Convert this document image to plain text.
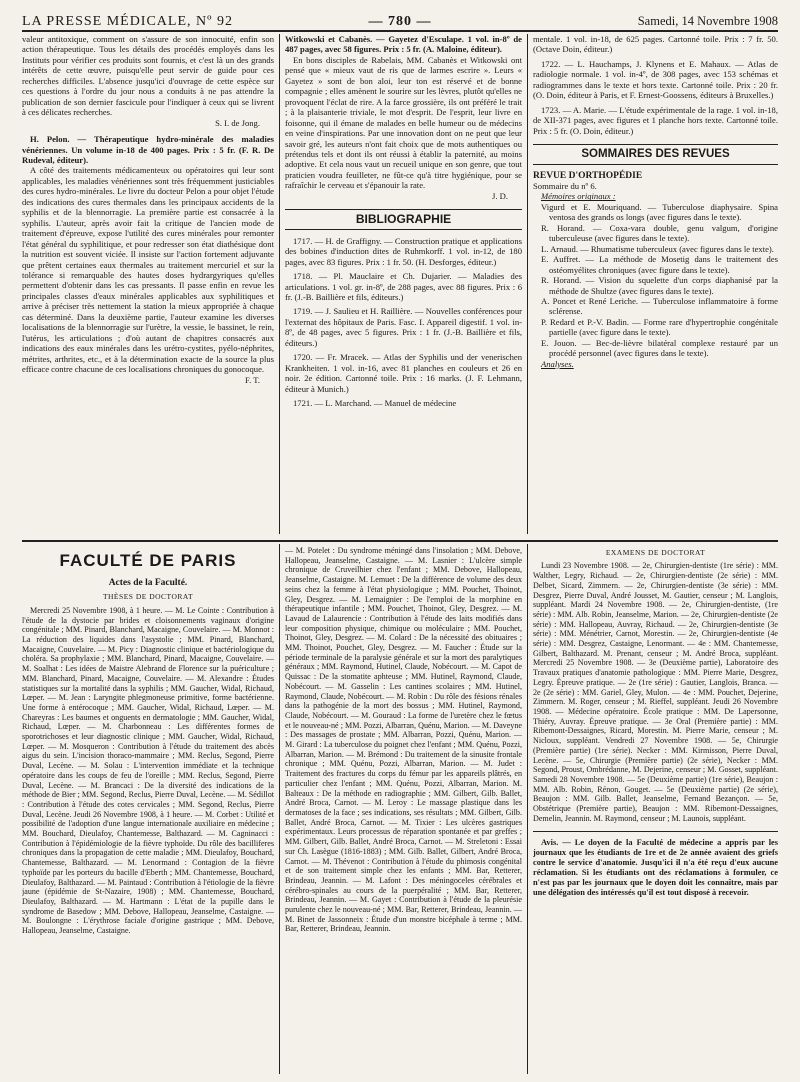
LA PRESSE MÉDICALE, Nº 92	— 780 —	Samedi, 14 Novembre 1908

valeur antitoxique, comment on s'assure de son innocuité, enfin son action thérapeutique. Tous les détails des procédés employés dans les Instituts pour vérifier ces produits sont fournis, et c'est là un des grands intérêts de cette œuvre, puisqu'elle peut servir de guide pour ces recherches difficiles. L'absence jusqu'ici d'ouvrage de cette espèce sur ces questions à l'ordre du jour nous a conduits à ne pas attendre la publication de son dernier fascicule pour l'indiquer à ceux qui se livrent à ces délicates recherches.

S. I. de Jong.

H. Pelon. — Thérapeutique hydro-minérale des maladies vénériennes. Un volume in-18 de 400 pages. Prix : 5 fr. (F. R. De Rudeval, éditeur).

A côté des traitements médicamenteux ou opératoires qui leur sont applicables, les maladies vénériennes sont très fréquemment justiciables des cures hydro-minérales. Le livre du docteur Pelon a pour objet l'étude des indications des cures thermales dans les principaux accidents de la syphilis et de la blennorragie. La première partie est consacrée à la syphilis. L'auteur, après avoir fait la critique de l'ancien mode de traitement d'épreuve, expose l'utilité des cures minérales pour remonter l'état général du syphilitique, et pour redresser son état diathésique dont la nutrition est souvent viciée. Il insiste sur l'action fortement adjuvante que prêtent certaines eaux thermales au traitement mercuriel et sur la tolérance si remarquable des hautes doses hydrargyriques qu'elles permettent d'obtenir dans les cas pressants. Il passe enfin en revue les principales classes d'eaux minérales applicables aux syphilitiques et arrive à préciser très nettement la station la mieux appropriée à chaque cas déterminé. Dans la deuxième partie, l'auteur examine les diverses localisations de la blennorragie sur l'urètre, la vessie, le bassinet, le rein, l'utérus, les articulations ; d'où autant de chapitres consacrés aux indications des eaux minérales dans les urétro-cystites, pyélo-néphrites, métrites, arthrites, etc., et à la détermination exacte de la source la plus efficace contre chacune de ces localisations chroniques du gonocoque.

F. T.

Witkowski et Cabanès. — Gayetez d'Esculape. 1 vol. in-8º de 487 pages, avec 58 figures. Prix : 5 fr. (A. Maloine, éditeur).

En bons disciples de Rabelais, MM. Cabanès et Witkowski ont pensé que « mieux vaut de ris que de larmes escrire ». Leurs « Gayetez » sont de bon aloi, leur ton est réservé et de bonne compagnie ; elles amènent le sourire sur les lèvres, plutôt qu'elles ne provoquent l'éclat de rire. A la farce grossière, ils ont préféré le trait ; à la plaisanterie triviale, le mot d'esprit. De l'esprit, leur livre en foisonne, qui il émane de malades en belle humeur ou de médecins en veine d'inspirations. Par une innovation dont on ne peut que leur savoir gré, les auteurs n'ont fait choix que de mots authentiques ou prétendus tels et dont ils ont réussi à établir la paternité, au moins adoptive. Et cela nous vaut un recueil unique en son genre, que tout praticien voudra feuilleter, ne fût-ce qu'à titre hygiénique, pour se rafraîchir le cerveau et s'épanouir la rate.

J. D.
BIBLIOGRAPHIE

1717. — H. de Graffigny. — Construction pratique et applications des bobines d'induction dites de Ruhmkorff. 1 vol. in-12, de 180 pages, avec 83 figures. Prix : 1 fr. 50. (H. Desforges, éditeur.)

1718. — Pl. Mauclaire et Ch. Dujarier. — Maladies des articulations. 1 vol. gr. in-8º, de 288 pages, avec 88 figures. Prix : 6 fr. (J.-B. Baillière et fils, éditeurs.)

1719. — J. Saulieu et H. Raillière. — Nouvelles conférences pour l'externat des hôpitaux de Paris. Fasc. I. Appareil digestif. 1 vol. in-8º, de 48 pages, avec 5 figures. Prix : 1 fr. (J.-B. Baillière et fils, éditeurs.)

1720. — Fr. Mracek. — Atlas der Syphilis und der venerischen Krankheiten. 1 vol. in-16, avec 81 planches en couleurs et 26 en noir. 2e édition. Cartonné toile. Prix : 16 marks. (J. F. Lehmann, éditeur à Munich.)

1721. — L. Marchand. — Manuel de médecine

mentale. 1 vol. in-18, de 625 pages. Cartonné toile. Prix : 7 fr. 50. (Octave Doin, éditeur.)

1722. — L. Hauchamps, J. Klynens et E. Mahaux. — Atlas de radiologie normale. 1 vol. in-4º, de 308 pages, avec 153 schémas et radiogrammes dans le texte et hors texte. Cartonné toile. Prix : 20 fr. (O. Doin, éditeur à Paris, et F. Ernest-Goossens, éditeurs à Bruxelles.)

1723. — A. Marie. — L'étude expérimentale de la rage. 1 vol. in-18, de XII-371 pages, avec figures et 1 planche hors texte. Cartonné toile. Prix : 5 fr. (O. Doin, éditeur.)

SOMMAIRES DES REVUES
REVUE D'ORTHOPÉDIE
Sommaire du nº 6.
Mémoires originaux :

Vigurd et E. Mouriquand. — Tuberculose diaphysaire. Spina ventosa des grands os longs (avec figures dans le texte).

R. Horand. — Coxa-vara double, genu valgum, d'origine tuberculeuse (avec figures dans le texte).

L. Arnaud. — Rhumatisme tuberculeux (avec figures dans le texte).

E. Auffret. — La méthode de Mosetig dans le traitement des ostéomyélites chroniques (avec figure dans le texte).

R. Horand. — Vision du squelette d'un corps diaphanisé par la méthode de Shultze (avec figures dans le texte).

A. Poncet et René Leriche. — Tuberculose inflammatoire à forme sclérense.

P. Redard et P.-V. Badin. — Forme rare d'hypertrophie congénitale partielle (avec figure dans le texte).

E. Jouon. — Bec-de-lièvre bilatéral complexe restauré par un procédé personnel (avec figures dans le texte).

Analyses.
FACULTÉ DE PARIS
Actes de la Faculté.
THÈSES DE DOCTORAT

Mercredi 25 Novembre 1908, à 1 heure. — M. Le Cointe : Contribution à l'étude de la dystocie par brides et cloisonnements vaginaux d'origine congénitale ; MM. Pinard, Blanchard, Macaigne, Couvelaire. — M. Monnot : La réduction des liquides dans l'asystolie ; MM. Pinard, Blanchard, Macaigne, Couvelaire. — M. Picy : Diagnostic clinique et bactériologique du choléra. Sa prophylaxie ; MM. Blanchard, Pinard, Macaigne, Couvelaire. — M. Soalhat : Les idées de Maistre Alebrand de Florence sur la puériculture ; MM. Blanchard, Pinard, Macaigne, Couvelaire. — M. Alexandre : Études statistiques sur la mortalité dans la syphilis ; MM. Gaucher, Widal, Richaud, Lœper. — M. Jean : Laryngite phlegmoneuse primitive, forme bactérienne. Une forme à entérocoque ; MM. Gaucher, Widal, Richaud, Lœper. — M. Chareyras : Les baumes et onguents en dermatologie ; MM. Gaucher, Widal, Richaud, Lœper. — M. Charbonneau : Les différentes formes de sporotrichoses et leur diagnostic clinique ; MM. Gaucher, Widal, Richaud, Lœper. — M. Mosqueron : Contribution à l'étude du traitement des abcès aigus du sein. L'incision thoraco-mammaire ; MM. Reclus, Segond, Pierre Duval, Lecène. — M. Solau : L'intervention immédiate et la technique opératoire dans les coups de feu de l'oreille ; MM. Reclus, Segond, Pierre Duval, Lecène. — M. Brancaci : De la diversité des indications de la méthode de Bier ; MM. Segond, Reclus, Pierre Duval, Lecène. — M. Sédillot : Contribution à l'étude des cotes cervicales ; MM. Segond, Reclus, Pierre Duval, Lecène. Jeudi 26 Novembre 1908, à 1 heure. — M. Corbet : Utilité et possibilité de l'adoption d'une langue internationale auxiliaire en médecine ; MM. Bouchard, Dieulafoy, Chantemesse, Balthazard. — M. Cagninacci : Contribution à l'épidémiologie de la fièvre typhoïde. Du rôle des bacilliferes chroniques dans la propagation de cette maladie ; MM. Dieulafoy, Bouchard, Chantemesse, Balthazard. — M. Lenormand : Contagion de la fièvre typhoïde par les porteurs du bacille d'Eberth ; MM. Chantemesse, Bouchard, Dieulafoy, Balthazard. — M. Paintaud : Contribution à l'étiologie de la fièvre jaune (épidémie de St-Nazaire, 1908) ; MM. Chantemesse, Bouchard, Dieulafoy, Balthazard. — M. Hartmann : L'état de la pupille dans le syndrome de Basedow ; MM. Debove, Hallopeau, Jeanselme, Castaigne. — M. Boulongne : L'érythrose faciale d'origine gastrique ; MM. Debove, Hallopeau, Jeanselme, Castaigne.

— M. Potelet : Du syndrome méningé dans l'insolation ; MM. Debove, Hallopeau, Jeanselme, Castaigne. — M. Lasnier : L'ulcère simple chronique de Cruveilhier chez l'enfant ; MM. Debove, Hallopeau, Jeanselme, Castaigne. M. Lemuet : De la différence de volume des deux seins chez la femme à l'état physiologique ; MM. Pouchet, Thoinot, Gley, Desgrez. — M. Lemaignier : De l'emploi de la morphine en thérapeutique infantile ; MM. Pouchet, Thoinot, Gley, Desgrez. — M. Lavaud de Lalaurencie : Contribution à l'étude des laits modifiés dans leur composition physique, chimique ou moléculaire ; MM. Pouchet, Thoinot, Gley, Desgrez. — M. Colard : De la nécessité des obituaires ; MM. Thoinot, Pouchet, Gley, Desgrez. — M. Faucher : Étude sur la période terminale de la paralysie générale et sur la mort des paralytiques généraux ; MM. Raymond, Hutinel, Claude, Nobécourt. — M. Capot de Quissac : De la stomatite aphteuse ; MM. Hutinel, Raymond, Claude, Nobécourt. — M. Gasselin : Les cantines scolaires ; MM. Hutinel, Raymond, Claude, Nobécourt. — M. Robin : Du rôle des fésions rénales dans la pathogénie de la mort des bossus ; MM. Hutinel, Raymond, Claude, Nobécourt. — M. Gouraud : La forme de l'uretère chez le fœtus et le nouveau-né ; MM. Pozzi, Albarran, Quénu, Marion. — M. Daveyne : Des massages de prostate ; MM. Albarran, Pozzi, Quénu, Marion. — M. Girard : La tuberculose du poignet chez l'enfant ; MM. Quénu, Pozzi, Albarran, Marion. — M. Brémond : Du traitement de la sinusite frontale chronique ; MM. Quénu, Pozzi, Albarran, Marion. — M. Judet : Traitement des fractures du corps du fémur par les appareils plâtrés, en particulier chez l'enfant ; MM. Quénu, Pozzi, Albarran, Marion. M. Balteaux : De la méthode en radiographie ; MM. Gilbert, Gilb. Ballet, André Broca, Carnot. — M. Leroy : Le massage plastique dans les dermatoses de la face ; ses indications, ses résultats ; MM. Gilbert, Gilb. Ballet, André Broca, Carnot. — M. Tixier : Les ulcères gastriques expérimentaux. Leurs processus de réparation spontanée et par greffes ; MM. Gilbert, Gilb. Ballet, André Broca, Carnot. — M. Streletoni : Essai sur Ch. Lasègue (1816-1883) ; MM. Gilb. Ballet, Gilbert, André Broca, Carnot. — M. Thévenot : Contribution à l'étude du phimosis congénital et de son traitement simple chez les enfants ; MM. Bar, Retterer, Brindeau, Jeannin. — M. Lafont : Des méningoceles cérébrales et cérébro-spinales au cours de la puerpéralité ; MM. Bar, Retterer, Brindeau, Jeannin. — M. Gayet : Contribution à l'étude de la pleurésie purulente chez le nouveau-né ; MM. Bar, Retterer, Brindeau, Jeannin. — M. Binet de Jassonneix : Étude d'un monstre bicéphale à terme ; MM. Bar, Retterer, Brindeau, Jeannin.

EXAMENS DE DOCTORAT

Lundi 23 Novembre 1908. — 2e, Chirurgien-dentiste (1re série) : MM. Walther, Legry, Richaud. — 2e, Chirurgien-dentiste (2e série) : MM. Delbet, Sicard, Zimmern. — 2e, Chirurgien-dentiste (3e série) : MM. Desgrez, Pierre Duval, André Jousset, M. Gautier, censeur ; M. Langlois, suppléant. Mardi 24 Novembre 1908. — 2e, Chirurgien-dentiste, (1re série) : MM. Alb. Robin, Jeanselme, Marion. — 2e, Chirurgien-dentiste (2e série) : MM. Hallopeau, Auvray, Richaud. — 2e, Chirurgien-dentiste (3e série) : MM. Ménétrier, Carnot, Morestin. — 2e, Chirurgien-dentiste (4e série) : MM. Desgrez, Castaigne, Lenormant. — 4e : MM. Chantemesse, Gilbert, Balthazard. M. Prenant, censeur ; M. André Broca, suppléant. Mercredi 25 Novembre 1908. — 3e (Deuxième partie), Laboratoire des Travaux pratiques d'anatomie pathologique : MM. Pierre Marie, Desgrez, Legry. Épreuve pratique. — 2e (1re série) : Gautier, Langlois, Branca. — 2e (2e série) : MM. Gariel, Gley, Mulon. — 4e : MM. Pouchet, Dejerine, Zimmern. M. Roger, censeur ; M. Rieffel, suppléant. Jeudi 26 Novembre 1908. — Médecine opératoire. École pratique : MM. De Lapersonne, Thiéry, Auvray. Épreuve pratique. — 3e Oral (Première partie) : MM. Ribemont-Dessaignes, Ricard, Morestin. M. Pierre Marie, censeur ; M. Nicloux, suppléant. Vendredi 27 Novembre 1908. — 5e, Chirurgie (Première partie) (1re série). Necker : MM. Kirmisson, Pierre Duval, Lecène. — 5e, Chirurgie (Première partie) (2e série), Necker : MM. Segond, Proust, Ombrédanne, M. Dejerine, censeur ; M. Gosset, suppléant. Samedi 28 Novembre 1908. — 5e (Deuxième partie) (1re série), Beaujon : MM. Alb. Robin, Rénon, Gouget. — 5e (Deuxième partie) (2e série), Beaujon : MM. Gilb. Ballet, Jeanselme, Fernand Bezançon. — 5e, Obstétrique (Première partie), Beaujon : MM. Ribemont-Dessaignes, Demelin, Jeannin. M. Raymond, censeur ; M. Launois, suppléant.

Avis. — Le doyen de la Faculté de médecine a appris par les journaux que les étudiants de 1re et de 2e année avaient des griefs contre le service d'anatomie. Jusqu'ici il n'a été reçu d'eux aucune réclamation. Si les étudiants ont des réclamations à formuler, ce n'est pas par les journaux que le doyen doit les connaître, mais par une délégation des intéressés qu'il est tout disposé à recevoir.
